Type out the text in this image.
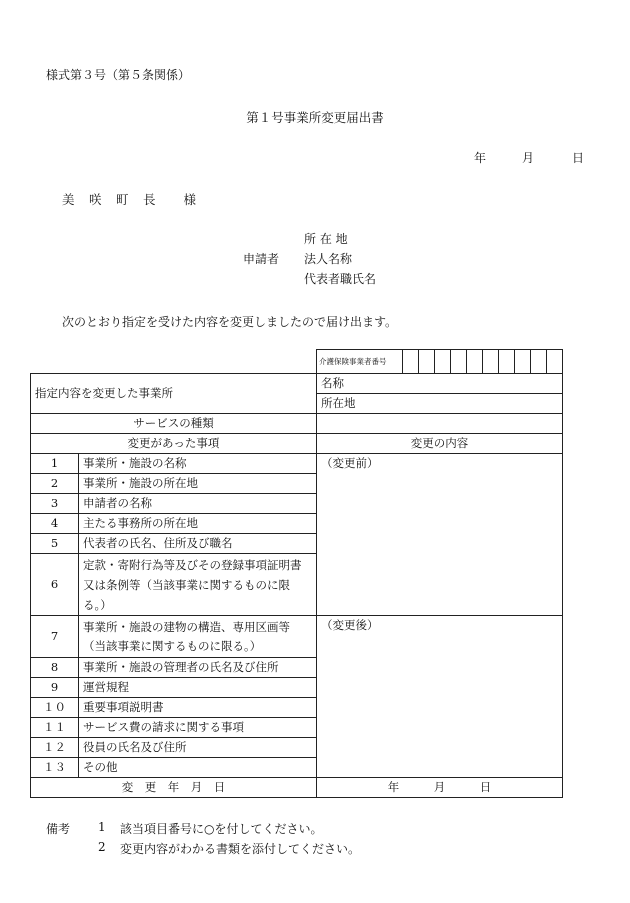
様式第３号（第５条関係）
第１号事業所変更届出書
年	月	日
美　咲　町　長　　様
所 在 地
申請者 法人名称
代表者職氏名
次のとおり指定を受けた内容を変更しましたので届け出ます。
		介護保険事業者番号										
指定内容を変更した事業所		名称										
		所在地										
サービスの種類												
変更があった事項		変更の内容										
1	事業所・施設の名称	（変更前）										
2	事業所・施設の所在地											
3	申請者の名称											
4	主たる事務所の所在地											
5	代表者の氏名、住所及び職名											
6	定款・寄附行為等及びその登録事項証明書又は条例等（当該事業に関するものに限る。）											
7	事業所・施設の建物の構造、専用区画等（当該事業に関するものに限る。）	（変更後）										
8	事業所・施設の管理者の氏名及び住所											
9	運営規程											
１０	重要事項説明書											
１１	サービス費の請求に関する事項											
１２	役員の氏名及び住所											
１３	その他											
変　更　年　月　日		年　　　月　　　日										
備考 1 該当項目番号に○を付してください。
2 変更内容がわかる書類を添付してください。
